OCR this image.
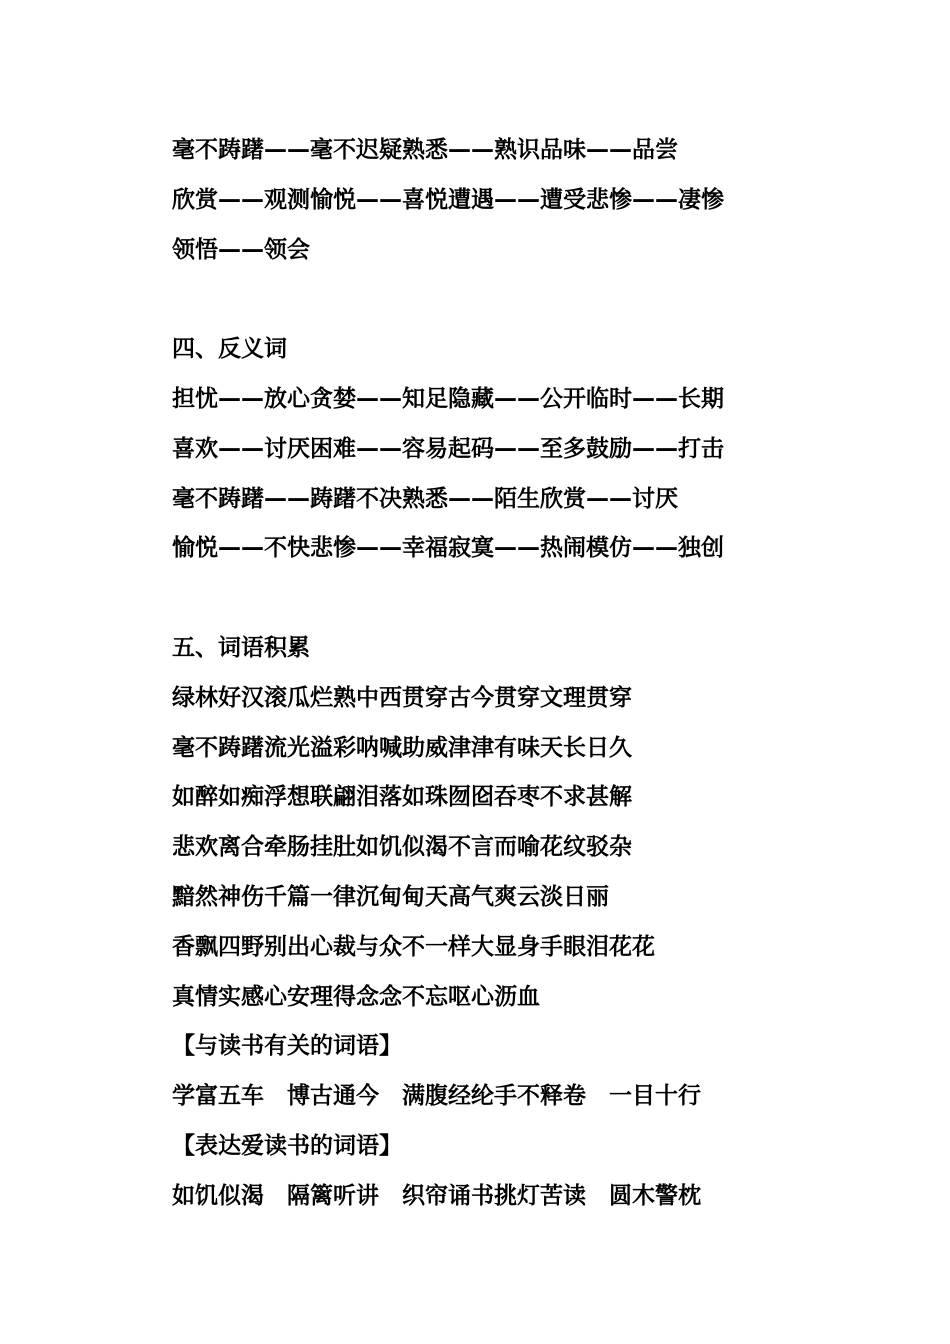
毫不踌躇——毫不迟疑熟悉——熟识品味——品尝
欣赏——观测愉悦——喜悦遭遇——遭受悲惨——凄惨
领悟——领会
四、反义词
担忧——放心贪婪——知足隐藏——公开临时——长期
喜欢——讨厌困难——容易起码——至多鼓励——打击
毫不踌躇——踌躇不决熟悉——陌生欣赏——讨厌
愉悦——不快悲惨——幸福寂寞——热闹模仿——独创
五、词语积累
绿林好汉滚瓜烂熟中西贯穿古今贯穿文理贯穿
毫不踌躇流光溢彩呐喊助威津津有味天长日久
如醉如痴浮想联翩泪落如珠囫囵吞枣不求甚解
悲欢离合牵肠挂肚如饥似渴不言而喻花纹驳杂
黯然神伤千篇一律沉甸甸天高气爽云淡日丽
香飘四野别出心裁与众不一样大显身手眼泪花花
真情实感心安理得念念不忘呕心沥血
【与读书有关的词语】
学富五车　博古通今　满腹经纶手不释卷　一目十行
【表达爱读书的词语】
如饥似渴　隔篱听讲　织帘诵书挑灯苦读　圆木警枕
